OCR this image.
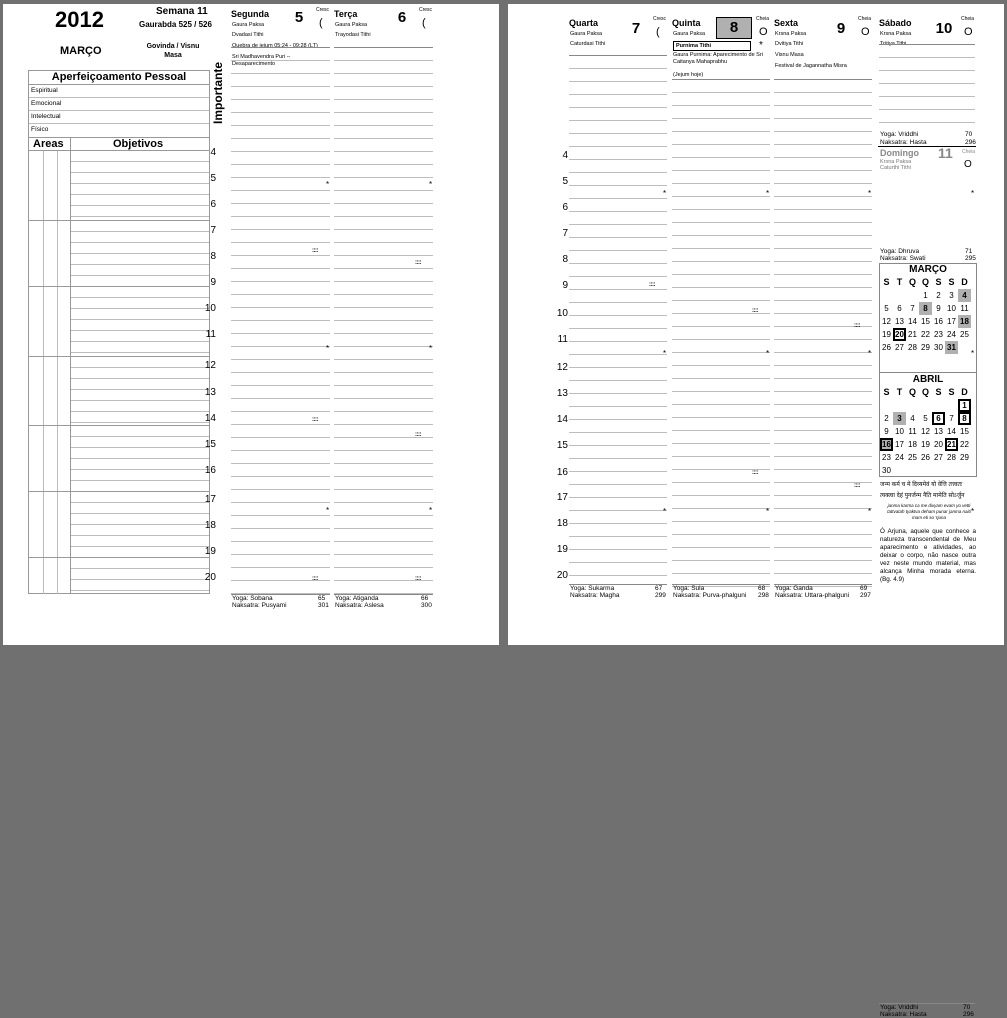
2012	Semana 11
Gaurabda 525 / 526
MARÇO	Govinda / Visnu Masa
Aperfeiçoamento Pessoal
Espiritual
Emocional
Intelectual
Físico
Areas	Objetivos
Importante
4
5
6
7
8
9
10
11
12
13
14
15
16
17
18
19
20
Segunda	5	Cresc
(
Gaura Paksa
Dvadasi Tithi
Quebra de jejum 05:24 - 09:28 (LT)
Sri Madhavendra Puri -- Desaparecimento
*
*
*
::::
::::
::::
Yoga: Sobana	65
Naksatra: Pusyami	301
Terça	6	Cresc
(
Gaura Paksa
Trayodasi Tithi
*
*
*
::::
::::
::::
Yoga: Atiganda	66
Naksatra: Aslesa	300
4
5
6
7
8
9
10
11
12
13
14
15
16
17
18
19
20
Quarta	7
Cresc
(
Gaura Paksa
Caturdasi Tithi
*
*
*
::::
Yoga: Sukarma	67
Naksatra: Magha	299
Quinta	8	Cheia
O
*
Gaura Paksa
Purnima Tithi
Gaura Purnima: Aparecimento de Sri Caitanya Mahaprabhu
(Jejum hoje)
*
*
*
::::
::::
Yoga: Sula	68
Naksatra: Purva-phalguni 298
Sexta	9
Cheia
O
Krsna Paksa
Dvitiya Tithi
Visnu Masa
Festival de Jagannatha Misra
*
*
*
::::
::::
Yoga: Ganda	69
Naksatra: Uttara-phalguni 297
Sábado 10
Cheia
O
Krsna Paksa
Tritiya Tithi
*
*
*
Yoga: Vriddhi	70
Naksatra: Hasta	296
Yoga: Vriddhi	70
Naksatra: Hasta	296
Domingo 11 Cheia
O
Krsna Paksa
Caturthi Tithi
Yoga: Dhruva	71
Naksatra: Swati	295
MARÇO
S	T	Q	Q	S	S	D
			1	2	3	4
5	6	7	8	9	10	11
12	13	14	15	16	17	18
19	20	21	22	23	24	25
26	27	28	29	30	31	
ABRIL
S	T	Q	Q	S	S	D
						1
2	3	4	5	6	7	8
9	10	11	12	13	14	15
16	17	18	19	20	21	22
23	24	25	26	27	28	29
30						
जन्म कर्म च मे दिव्यमेवं यो वेत्ति तत्त्वतः
त्यक्त्वा देहं पुनर्जन्म नैति मामेति सोऽर्जुन
janma karma ca me divyam evam yo vetti tattvatah tyaktva deham punar janma naiti mam eti so 'rjuna
Ó Arjuna, aquele que conhece a natureza transcendental de Meu aparecimento e atividades, ao deixar o corpo, não nasce outra vez neste mundo material, mas alcança Minha morada eterna. (Bg. 4.9)
